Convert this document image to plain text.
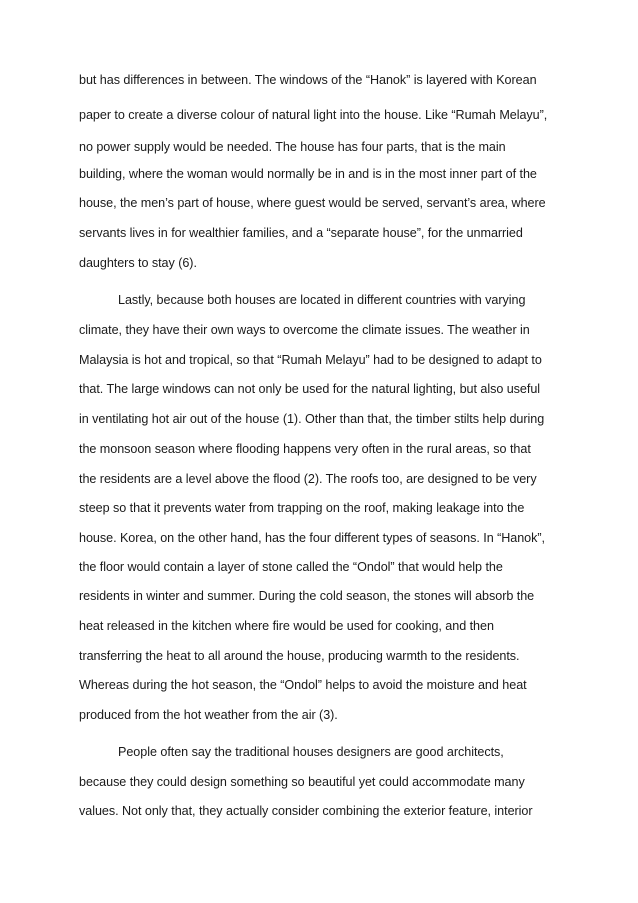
but has differences in between. The windows of the “Hanok” is layered with Korean
paper to create a diverse colour of natural light into the house. Like “Rumah Melayu”,
no power supply would be needed. The house has four parts, that is the main
building, where the woman would normally be in and is in the most inner part of the
house, the men’s part of house, where guest would be served, servant’s area, where
servants lives in for wealthier families, and a “separate house”, for the unmarried
daughters to stay (6).
Lastly, because both houses are located in different countries with varying
climate, they have their own ways to overcome the climate issues. The weather in
Malaysia is hot and tropical, so that “Rumah Melayu” had to be designed to adapt to
that. The large windows can not only be used for the natural lighting, but also useful
in ventilating hot air out of the house (1). Other than that, the timber stilts help during
the monsoon season where flooding happens very often in the rural areas, so that
the residents are a level above the flood (2). The roofs too, are designed to be very
steep so that it prevents water from trapping on the roof, making leakage into the
house. Korea, on the other hand, has the four different types of seasons. In “Hanok”,
the floor would contain a layer of stone called the “Ondol” that would help the
residents in winter and summer. During the cold season, the stones will absorb the
heat released in the kitchen where fire would be used for cooking, and then
transferring the heat to all around the house, producing warmth to the residents.
Whereas during the hot season, the “Ondol” helps to avoid the moisture and heat
produced from the hot weather from the air (3).
People often say the traditional houses designers are good architects,
because they could design something so beautiful yet could accommodate many
values. Not only that, they actually consider combining the exterior feature, interior
